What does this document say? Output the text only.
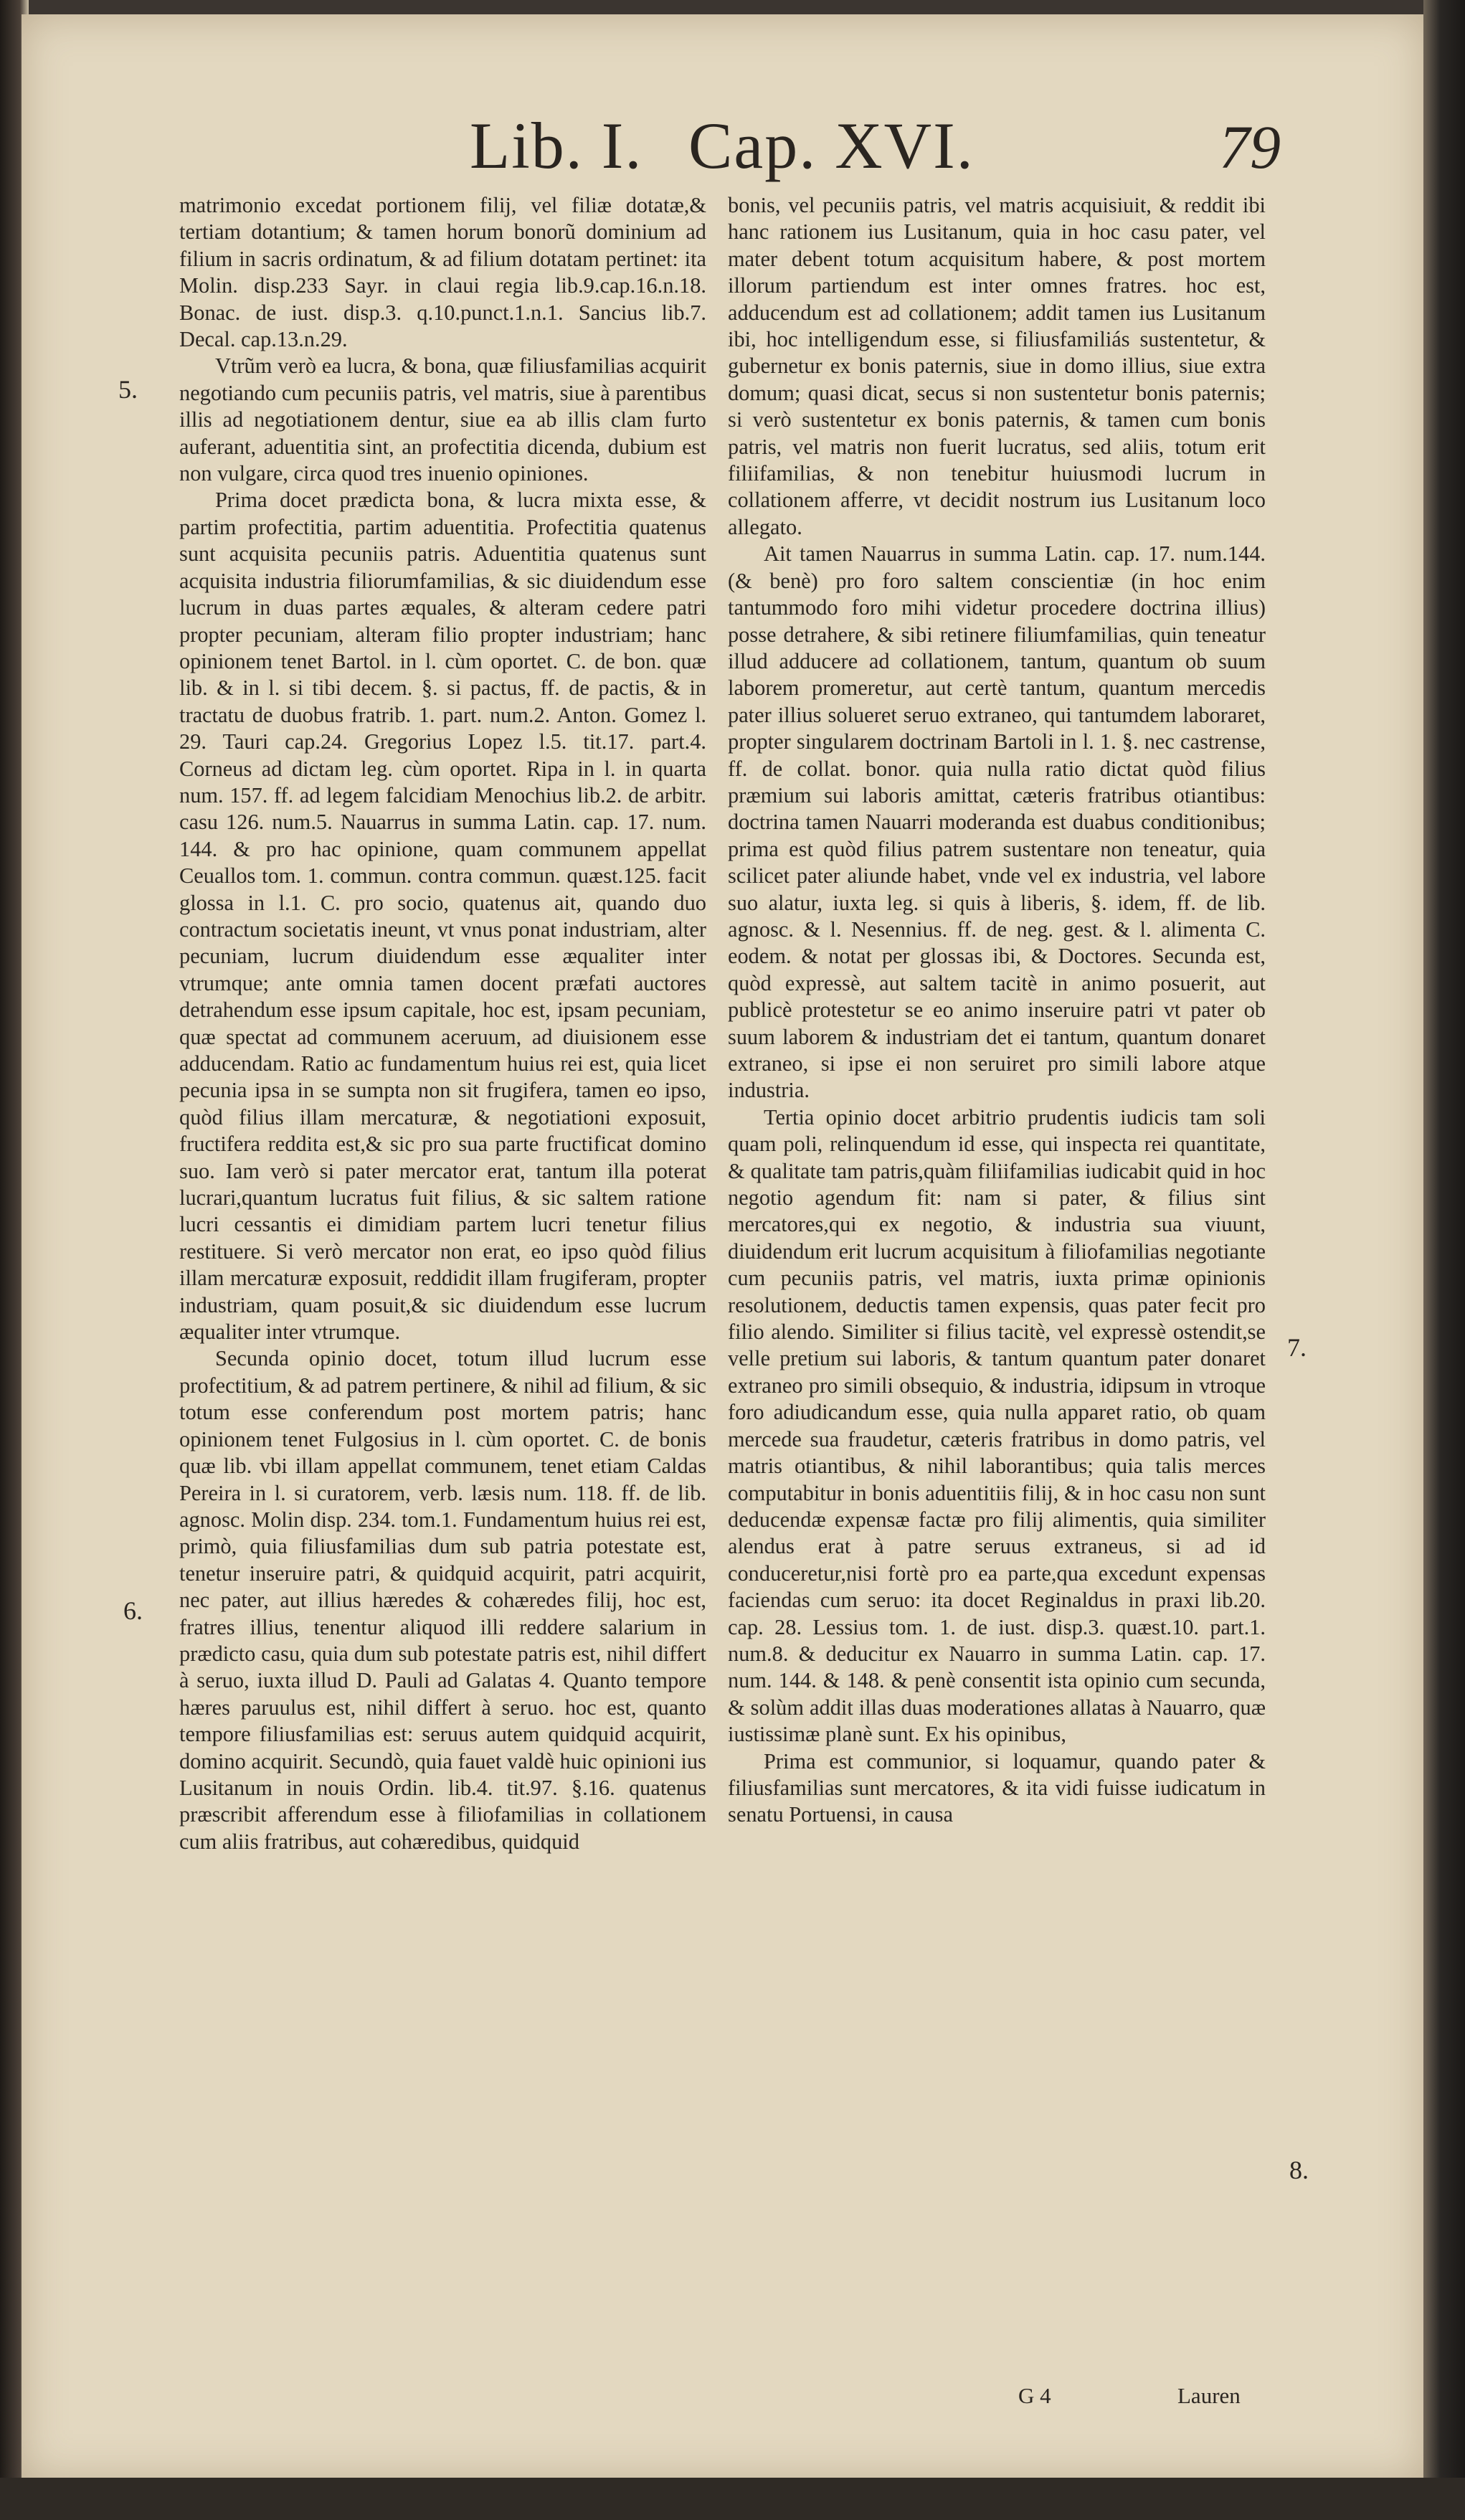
Lib. I. Cap. XVI.	79
5.
6.
7.
8.

matrimonio excedat portionem filij, vel filiæ dotatæ,& tertiam dotantium; & tamen horum bonorũ dominium ad filium in sacris ordinatum, & ad filium dotatam pertinet: ita Molin. disp.233 Sayr. in claui regia lib.9.cap.16.n.18. Bonac. de iust. disp.3. q.10.punct.1.n.1. Sancius lib.7. Decal. cap.13.n.29.

Vtrũm verò ea lucra, & bona, quæ filiusfamilias acquirit negotiando cum pecuniis patris, vel matris, siue à parentibus illis ad negotiationem dentur, siue ea ab illis clam furto auferant, aduentitia sint, an profectitia dicenda, dubium est non vulgare, circa quod tres inuenio opiniones.

Prima docet prædicta bona, & lucra mixta esse, & partim profectitia, partim aduentitia. Profectitia quatenus sunt acquisita pecuniis patris. Aduentitia quatenus sunt acquisita industria filiorumfamilias, & sic diuidendum esse lucrum in duas partes æquales, & alteram cedere patri propter pecuniam, alteram filio propter industriam; hanc opinionem tenet Bartol. in l. cùm oportet. C. de bon. quæ lib. & in l. si tibi decem. §. si pactus, ff. de pactis, & in tractatu de duobus fratrib. 1. part. num.2. Anton. Gomez l. 29. Tauri cap.24. Gregorius Lopez l.5. tit.17. part.4. Corneus ad dictam leg. cùm oportet. Ripa in l. in quarta num. 157. ff. ad legem falcidiam Menochius lib.2. de arbitr. casu 126. num.5. Nauarrus in summa Latin. cap. 17. num. 144. & pro hac opinione, quam communem appellat Ceuallos tom. 1. commun. contra commun. quæst.125. facit glossa in l.1. C. pro socio, quatenus ait, quando duo contractum societatis ineunt, vt vnus ponat industriam, alter pecuniam, lucrum diuidendum esse æqualiter inter vtrumque; ante omnia tamen docent præfati auctores detrahendum esse ipsum capitale, hoc est, ipsam pecuniam, quæ spectat ad communem aceruum, ad diuisionem esse adducendam. Ratio ac fundamentum huius rei est, quia licet pecunia ipsa in se sumpta non sit frugifera, tamen eo ipso, quòd filius illam mercaturæ, & negotiationi exposuit, fructifera reddita est,& sic pro sua parte fructificat domino suo. Iam verò si pater mercator erat, tantum illa poterat lucrari,quantum lucratus fuit filius, & sic saltem ratione lucri cessantis ei dimidiam partem lucri tenetur filius restituere. Si verò mercator non erat, eo ipso quòd filius illam mercaturæ exposuit, reddidit illam frugiferam, propter industriam, quam posuit,& sic diuidendum esse lucrum æqualiter inter vtrumque.

Secunda opinio docet, totum illud lucrum esse profectitium, & ad patrem pertinere, & nihil ad filium, & sic totum esse conferendum post mortem patris; hanc opinionem tenet Fulgosius in l. cùm oportet. C. de bonis quæ lib. vbi illam appellat communem, tenet etiam Caldas Pereira in l. si curatorem, verb. læsis num. 118. ff. de lib. agnosc. Molin disp. 234. tom.1. Fundamentum huius rei est, primò, quia filiusfamilias dum sub patria potestate est, tenetur inseruire patri, & quidquid acquirit, patri acquirit, nec pater, aut illius hæredes & cohæredes filij, hoc est, fratres illius, tenentur aliquod illi reddere salarium in prædicto casu, quia dum sub potestate patris est, nihil differt à seruo, iuxta illud D. Pauli ad Galatas 4. Quanto tempore hæres paruulus est, nihil differt à seruo. hoc est, quanto tempore filiusfamilias est: seruus autem quidquid acquirit, domino acquirit. Secundò, quia fauet valdè huic opinioni ius Lusitanum in nouis Ordin. lib.4. tit.97. §.16. quatenus præscribit afferendum esse à filiofamilias in collationem cum aliis fratribus, aut cohæredibus, quidquid

bonis, vel pecuniis patris, vel matris acquisiuit, & reddit ibi hanc rationem ius Lusitanum, quia in hoc casu pater, vel mater debent totum acquisitum habere, & post mortem illorum partiendum est inter omnes fratres. hoc est, adducendum est ad collationem; addit tamen ius Lusitanum ibi, hoc intelligendum esse, si filiusfamiliás sustentetur, & gubernetur ex bonis paternis, siue in domo illius, siue extra domum; quasi dicat, secus si non sustentetur bonis paternis; si verò sustentetur ex bonis paternis, & tamen cum bonis patris, vel matris non fuerit lucratus, sed aliis, totum erit filiifamilias, & non tenebitur huiusmodi lucrum in collationem afferre, vt decidit nostrum ius Lusitanum loco allegato.

Ait tamen Nauarrus in summa Latin. cap. 17. num.144. (& benè) pro foro saltem conscientiæ (in hoc enim tantummodo foro mihi videtur procedere doctrina illius) posse detrahere, & sibi retinere filiumfamilias, quin teneatur illud adducere ad collationem, tantum, quantum ob suum laborem promeretur, aut certè tantum, quantum mercedis pater illius solueret seruo extraneo, qui tantumdem laboraret, propter singularem doctrinam Bartoli in l. 1. §. nec castrense, ff. de collat. bonor. quia nulla ratio dictat quòd filius præmium sui laboris amittat, cæteris fratribus otiantibus: doctrina tamen Nauarri moderanda est duabus conditionibus; prima est quòd filius patrem sustentare non teneatur, quia scilicet pater aliunde habet, vnde vel ex industria, vel labore suo alatur, iuxta leg. si quis à liberis, §. idem, ff. de lib. agnosc. & l. Nesennius. ff. de neg. gest. & l. alimenta C. eodem. & notat per glossas ibi, & Doctores. Secunda est, quòd expressè, aut saltem tacitè in animo posuerit, aut publicè protestetur se eo animo inseruire patri vt pater ob suum laborem & industriam det ei tantum, quantum donaret extraneo, si ipse ei non seruiret pro simili labore atque industria.

Tertia opinio docet arbitrio prudentis iudicis tam soli quam poli, relinquendum id esse, qui inspecta rei quantitate, & qualitate tam patris,quàm filiifamilias iudicabit quid in hoc negotio agendum fit: nam si pater, & filius sint mercatores,qui ex negotio, & industria sua viuunt, diuidendum erit lucrum acquisitum à filiofamilias negotiante cum pecuniis patris, vel matris, iuxta primæ opinionis resolutionem, deductis tamen expensis, quas pater fecit pro filio alendo. Similiter si filius tacitè, vel expressè ostendit,se velle pretium sui laboris, & tantum quantum pater donaret extraneo pro simili obsequio, & industria, idipsum in vtroque foro adiudicandum esse, quia nulla apparet ratio, ob quam mercede sua fraudetur, cæteris fratribus in domo patris, vel matris otiantibus, & nihil laborantibus; quia talis merces computabitur in bonis aduentitiis filij, & in hoc casu non sunt deducendæ expensæ factæ pro filij alimentis, quia similiter alendus erat à patre seruus extraneus, si ad id conduceretur,nisi fortè pro ea parte,qua excedunt expensas faciendas cum seruo: ita docet Reginaldus in praxi lib.20. cap. 28. Lessius tom. 1. de iust. disp.3. quæst.10. part.1. num.8. & deducitur ex Nauarro in summa Latin. cap. 17. num. 144. & 148. & penè consentit ista opinio cum secunda, & solùm addit illas duas moderationes allatas à Nauarro, quæ iustissimæ planè sunt. Ex his opinibus,

Prima est communior, si loquamur, quando pater & filiusfamilias sunt mercatores, & ita vidi fuisse iudicatum in senatu Portuensi, in causa

G 4	Lauren
